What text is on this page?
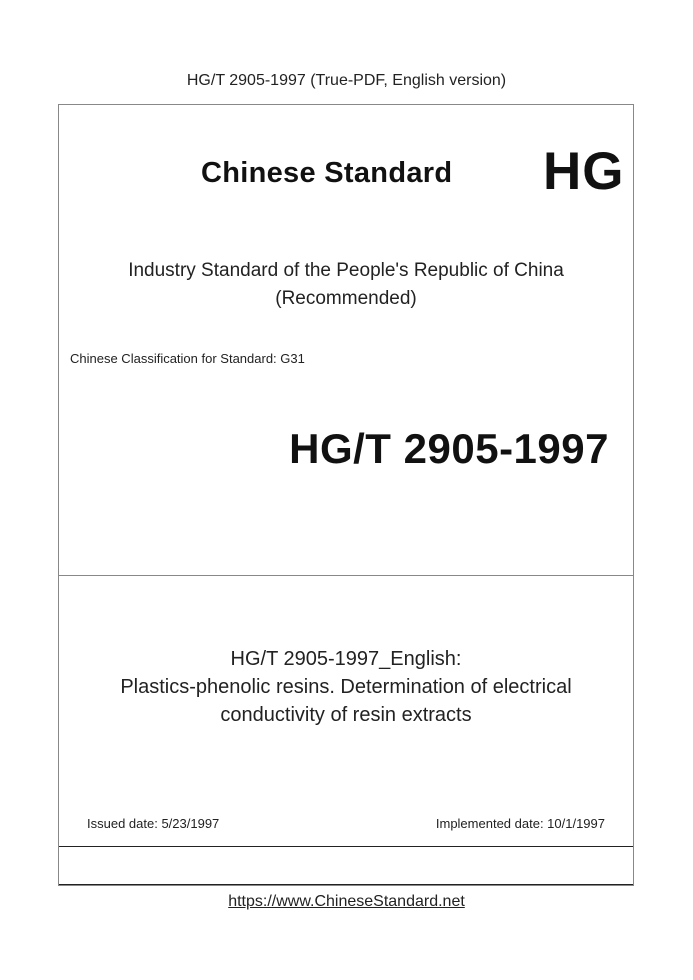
HG/T 2905-1997 (True-PDF, English version)
Chinese Standard HG
Industry Standard of the People's Republic of China
(Recommended)
Chinese Classification for Standard: G31
HG/T 2905-1997
HG/T 2905-1997_English:
Plastics-phenolic resins. Determination of electrical
conductivity of resin extracts
Issued date: 5/23/1997	Implemented date: 10/1/1997
https://www.ChineseStandard.net
